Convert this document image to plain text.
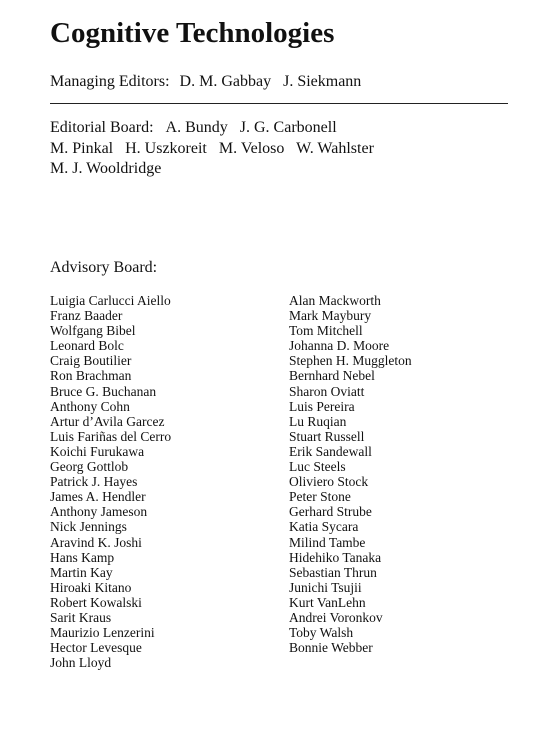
Cognitive Technologies
Managing Editors: D. M. Gabbay   J. Siekmann
Editorial Board: A. Bundy   J. G. Carbonell
M. Pinkal   H. Uszkoreit   M. Veloso   W. Wahlster
M. J. Wooldridge
Advisory Board:
Luigia Carlucci Aiello
Franz Baader
Wolfgang Bibel
Leonard Bolc
Craig Boutilier
Ron Brachman
Bruce G. Buchanan
Anthony Cohn
Artur d’Avila Garcez
Luis Fariñas del Cerro
Koichi Furukawa
Georg Gottlob
Patrick J. Hayes
James A. Hendler
Anthony Jameson
Nick Jennings
Aravind K. Joshi
Hans Kamp
Martin Kay
Hiroaki Kitano
Robert Kowalski
Sarit Kraus
Maurizio Lenzerini
Hector Levesque
John Lloyd
Alan Mackworth
Mark Maybury
Tom Mitchell
Johanna D. Moore
Stephen H. Muggleton
Bernhard Nebel
Sharon Oviatt
Luis Pereira
Lu Ruqian
Stuart Russell
Erik Sandewall
Luc Steels
Oliviero Stock
Peter Stone
Gerhard Strube
Katia Sycara
Milind Tambe
Hidehiko Tanaka
Sebastian Thrun
Junichi Tsujii
Kurt VanLehn
Andrei Voronkov
Toby Walsh
Bonnie Webber
